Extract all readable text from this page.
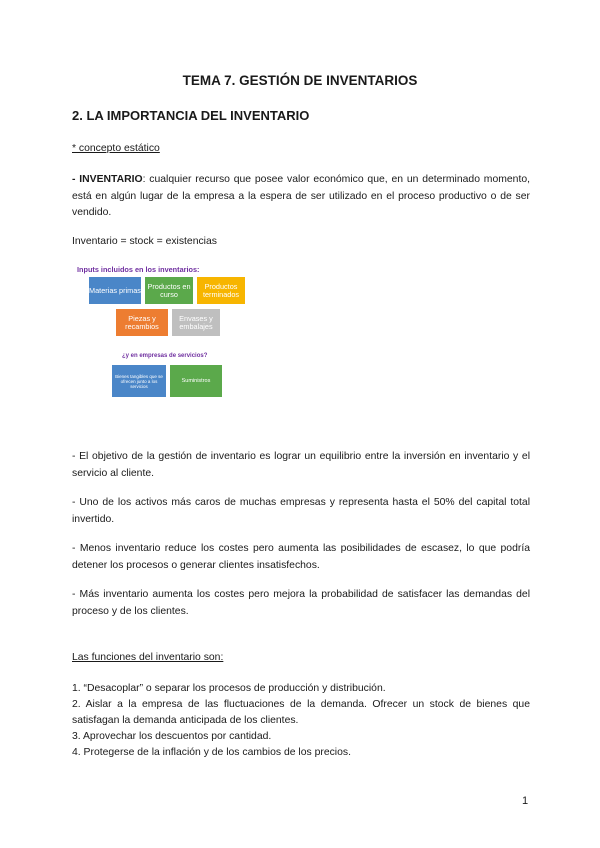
TEMA 7. GESTIÓN DE INVENTARIOS
2. LA IMPORTANCIA DEL INVENTARIO
* concepto estático
- INVENTARIO: cualquier recurso que posee valor económico que, en un determinado momento, está en algún lugar de la empresa a la espera de ser utilizado en el proceso productivo o de ser vendido.
Inventario = stock = existencias
Inputs incluidos en los inventarios:
Materias primas Productos en curso
Productos terminados
Piezas y recambios
Envases y embalajes
¿y en empresas de servicios?
Bienes tangibles que se ofrecen junto a los servicios
Suministros
- El objetivo de la gestión de inventario es lograr un equilibrio entre la inversión en inventario y el servicio al cliente.
- Uno de los activos más caros de muchas empresas y representa hasta el 50% del capital total invertido.
- Menos inventario reduce los costes pero aumenta las posibilidades de escasez, lo que podría detener los procesos o generar clientes insatisfechos.
- Más inventario aumenta los costes pero mejora la probabilidad de satisfacer las demandas del proceso y de los clientes.
Las funciones del inventario son:
1. “Desacoplar” o separar los procesos de producción y distribución.
2. Aislar a la empresa de las fluctuaciones de la demanda. Ofrecer un stock de bienes que satisfagan la demanda anticipada de los clientes.
3. Aprovechar los descuentos por cantidad.
4. Protegerse de la inflación y de los cambios de los precios.
1
